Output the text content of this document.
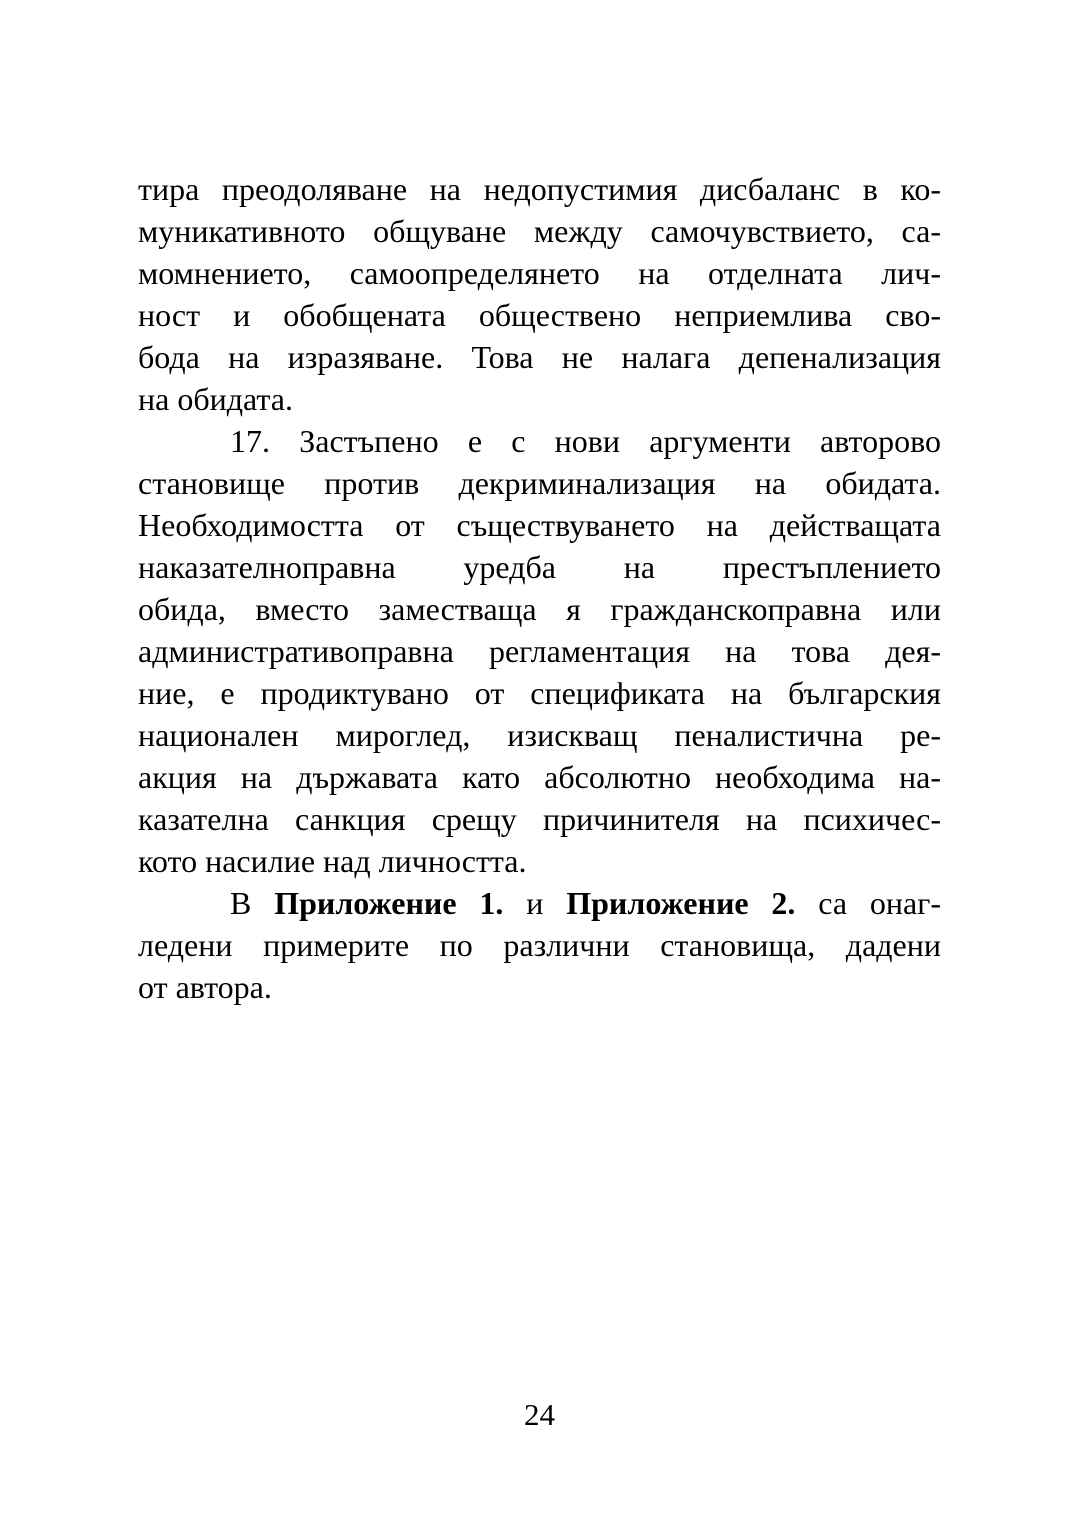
тира преодоляване на недопустимия дисбаланс в ко-
муникативното общуване между самочувствието, са-
момнението, самоопределянето на отделната лич-
ност и обобщената обществено неприемлива сво-
бода на изразяване. Това не налага депенализация
на обидата.
17. Застъпено е с нови аргументи авторово
становище против декриминализация на обидата.
Необходимостта от съществуването на действащата
наказателноправна уредба на престъплението
обида, вместо заместваща я гражданскоправна или
административоправна регламентация на това дея-
ние, е продиктувано от спецификата на българския
национален мироглед, изискващ пеналистична ре-
акция на държавата като абсолютно необходима на-
казателна санкция срещу причинителя на психичес-
кото насилие над личността.
В Приложение 1. и Приложение 2. са онаг-
ледени примерите по различни становища, дадени
от автора.
24
